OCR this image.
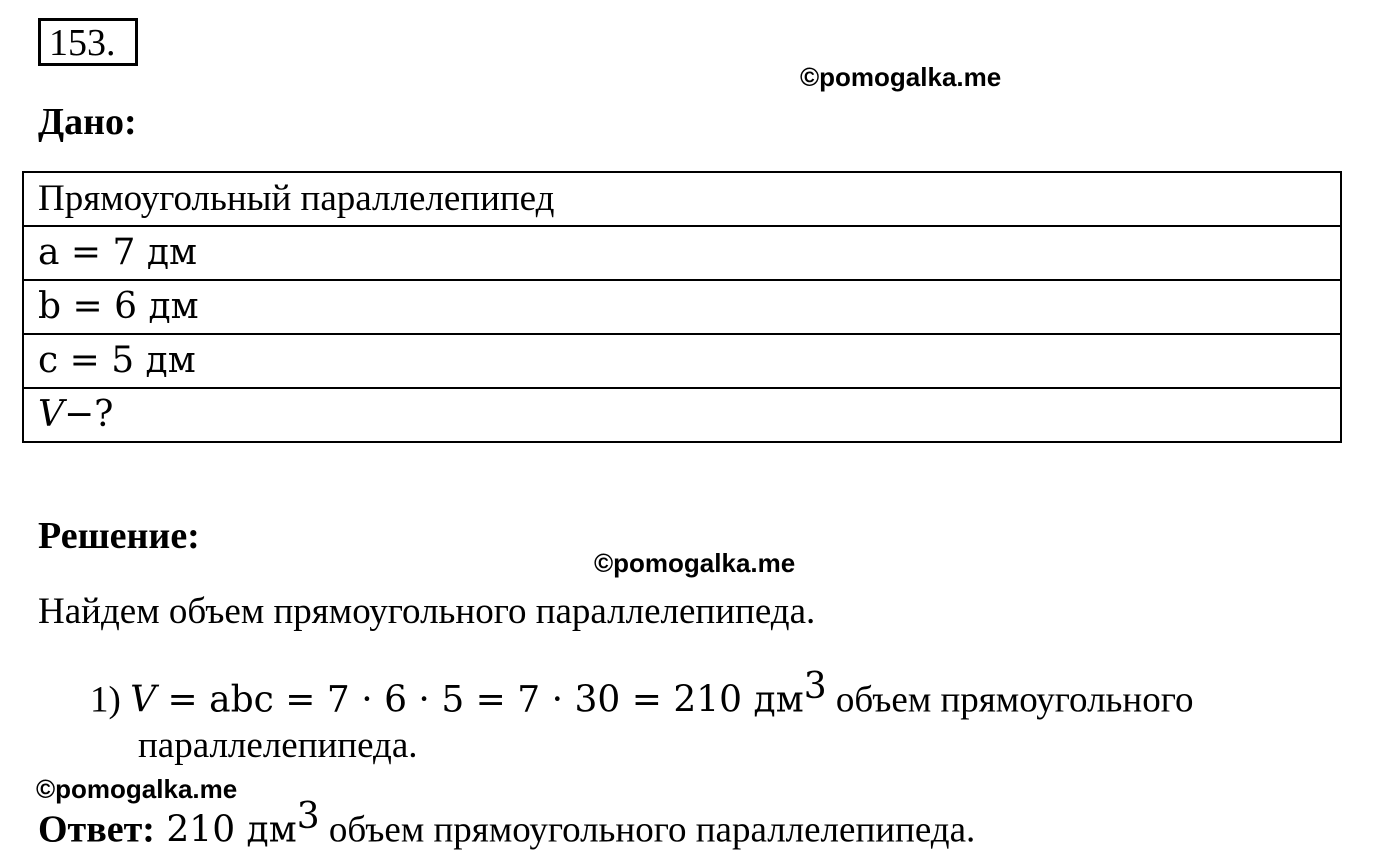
153.
©pomogalka.me
Дано:
Прямоугольный параллелепипед
a = 7 дм
b = 6 дм
c = 5 дм
V−?
Решение:
©pomogalka.me
Найдем объем прямоугольного параллелепипеда.
1) V = abc = 7 · 6 · 5 = 7 · 30 = 210 $дм^3$ объем прямоугольного
параллелепипеда.
©pomogalka.me
Ответ: 210 $дм^3$ объем прямоугольного параллелепипеда.
